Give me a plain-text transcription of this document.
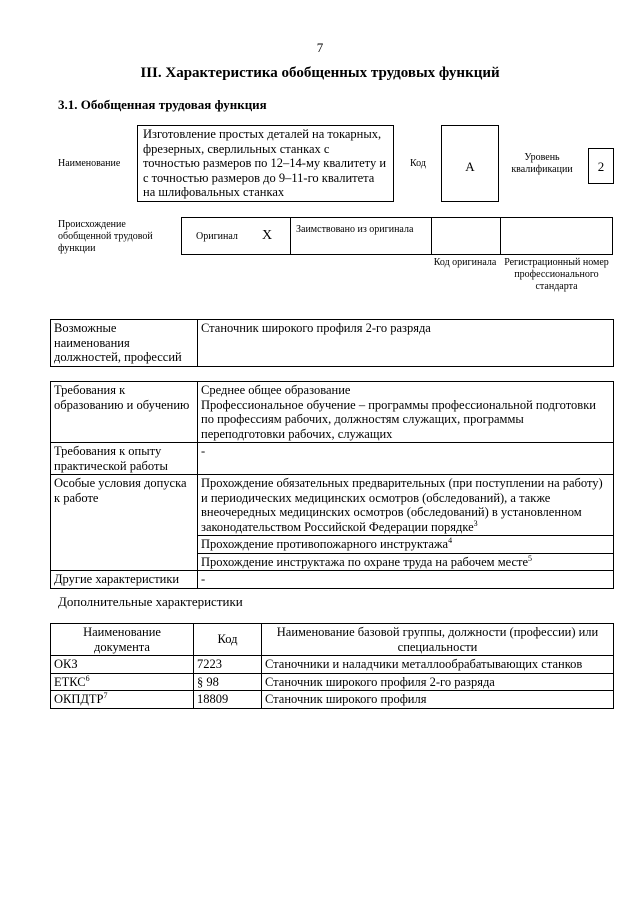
7
III. Характеристика обобщенных трудовых функций
3.1. Обобщенная трудовая функция
Наименование
Изготовление простых деталей на токарных, фрезерных, сверлильных станках с точностью размеров по 12–14-му квалитету и с точностью размеров до 9–11-го квалитета на шлифовальных станках
Код	А
Уровень квалификации	2
Происхождение обобщенной трудовой функции
Оригинал X Заимствовано из оригинала
Код оригинала Регистрационный номер профессионального стандарта
Возможные наименования должностей, профессий	Станочник широкого профиля 2-го разряда
Требования к образованию и обучению	Среднее общее образование
Профессиональное обучение – программы профессиональной подготовки по профессиям рабочих, должностям служащих, программы переподготовки рабочих, служащих

Требования к опыту практической работы	-
Особые условия допуска к работе	Прохождение обязательных предварительных (при поступлении на работу) и периодических медицинских осмотров (обследований), а также внеочередных медицинских осмотров (обследований) в установленном законодательством Российской Федерации порядке$^3$
	Прохождение противопожарного инструктажа$^4$
	Прохождение инструктажа по охране труда на рабочем месте$^5$
Другие характеристики	-
Дополнительные характеристики
Наименование документа	Код	Наименование базовой группы, должности (профессии) или специальности
ОКЗ	7223	Станочники и наладчики металлообрабатывающих станков
ЕТКС$^6$	§ 98	Станочник широкого профиля 2-го разряда
ОКПДТР$^7$	18809	Станочник широкого профиля
